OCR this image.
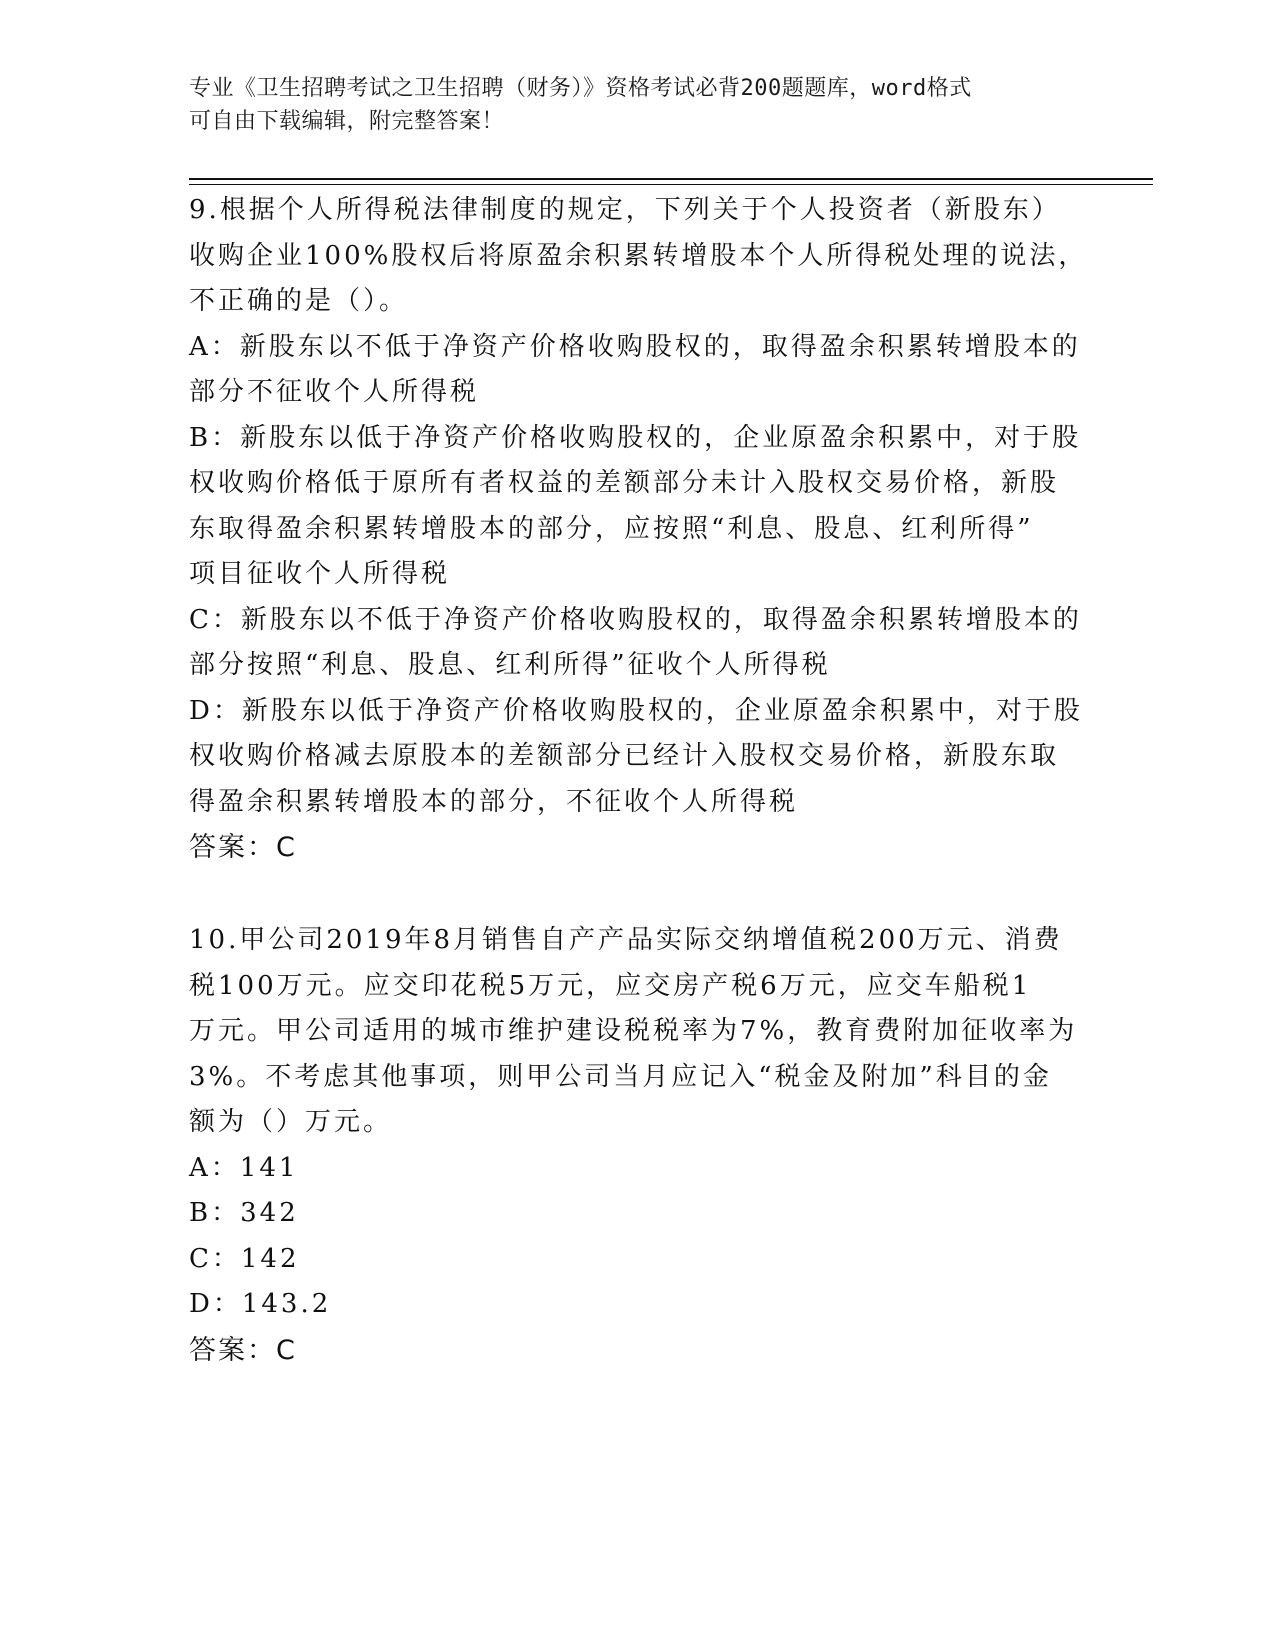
专业《卫生招聘考试之卫生招聘（财务）》资格考试必背200题题库，word格式
可自由下载编辑，附完整答案！
9.根据个人所得税法律制度的规定，下列关于个人投资者（新股东）
收购企业100%股权后将原盈余积累转增股本个人所得税处理的说法，
不正确的是（）。
A：新股东以不低于净资产价格收购股权的，取得盈余积累转增股本的
部分不征收个人所得税
B：新股东以低于净资产价格收购股权的，企业原盈余积累中，对于股
权收购价格低于原所有者权益的差额部分未计入股权交易价格，新股
东取得盈余积累转增股本的部分，应按照“利息、股息、红利所得”
项目征收个人所得税
C：新股东以不低于净资产价格收购股权的，取得盈余积累转增股本的
部分按照“利息、股息、红利所得”征收个人所得税
D：新股东以低于净资产价格收购股权的，企业原盈余积累中，对于股
权收购价格减去原股本的差额部分已经计入股权交易价格，新股东取
得盈余积累转增股本的部分，不征收个人所得税
答案：C
10.甲公司2019年8月销售自产产品实际交纳增值税200万元、消费
税100万元。应交印花税5万元，应交房产税6万元，应交车船税1
万元。甲公司适用的城市维护建设税税率为7%，教育费附加征收率为
3%。不考虑其他事项，则甲公司当月应记入“税金及附加”科目的金
额为（）万元。
A：141
B：342
C：142
D：143.2
答案：C
